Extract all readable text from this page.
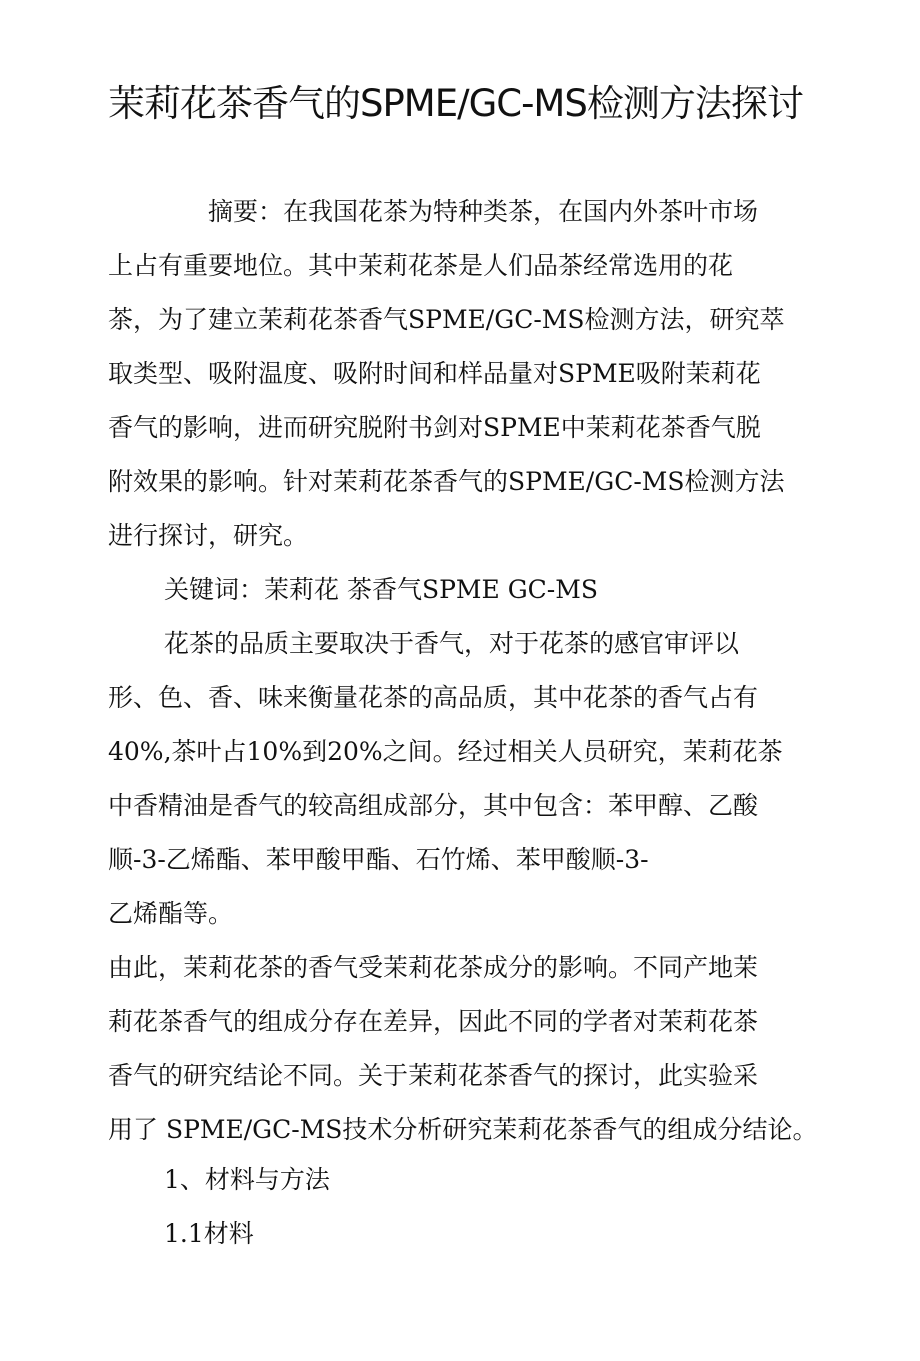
茉莉花茶香气的SPME/GC-MS检测方法探讨

摘要：在我国花茶为特种类茶，在国内外茶叶市场

上占有重要地位。其中茉莉花茶是人们品茶经常选用的花

茶，为了建立茉莉花茶香气SPME/GC-MS检测方法，研究萃

取类型、吸附温度、吸附时间和样品量对SPME吸附茉莉花

香气的影响，进而研究脱附书剑对SPME中茉莉花茶香气脱

附效果的影响。针对茉莉花茶香气的SPME/GC-MS检测方法

进行探讨，研究。

关键词：茉莉花 茶香气SPME GC-MS

花茶的品质主要取决于香气，对于花茶的感官审评以

形、色、香、味来衡量花茶的高品质，其中花茶的香气占有

40%,茶叶占10%到20%之间。经过相关人员研究，茉莉花茶

中香精油是香气的较高组成部分，其中包含：苯甲醇、乙酸

顺-3-乙烯酯、苯甲酸甲酯、石竹烯、苯甲酸顺-3-

乙烯酯等。

由此，茉莉花茶的香气受茉莉花茶成分的影响。不同产地茉

莉花茶香气的组成分存在差异，因此不同的学者对茉莉花茶

香气的研究结论不同。关于茉莉花茶香气的探讨，此实验采

用了 SPME/GC-MS技术分析研究茉莉花茶香气的组成分结论。

1、材料与方法

1.1材料
